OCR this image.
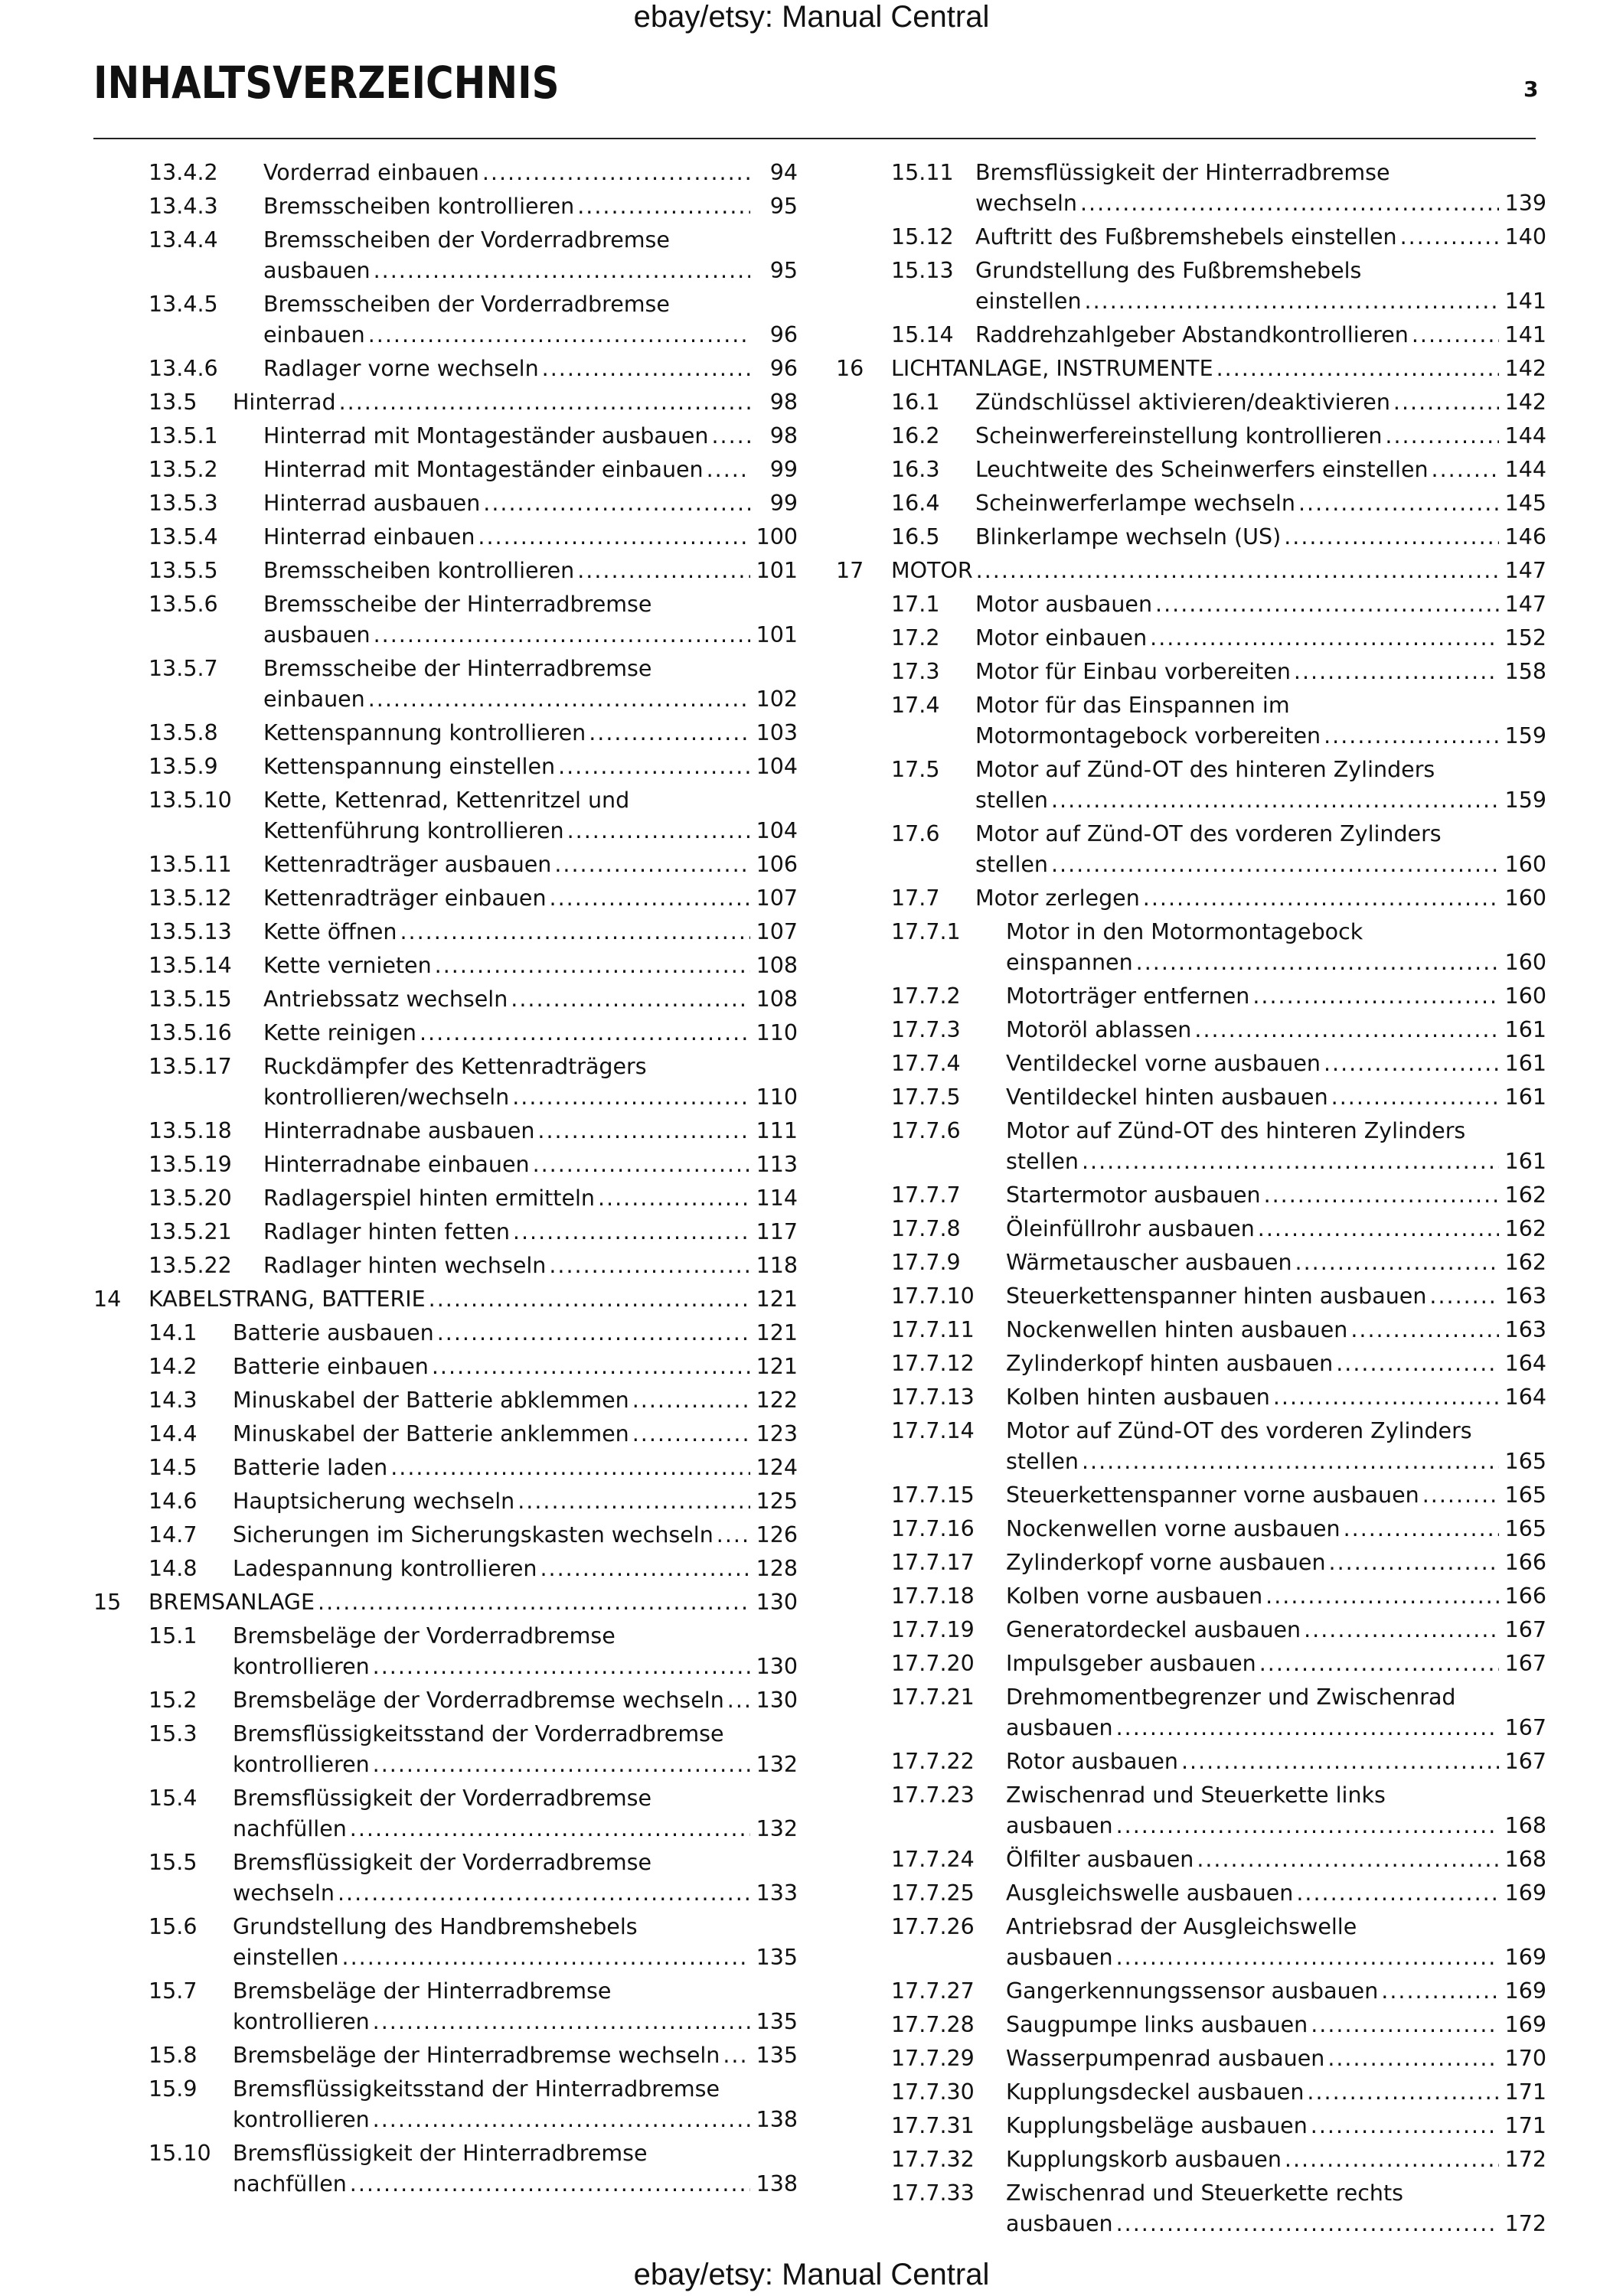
ebay/etsy: Manual Central
INHALTSVERZEICHNIS	3
13.4.2 Vorderrad einbauen .....	94
13.4.3 Bremsscheiben kontrollieren .....	95
13.4.4 Bremsscheiben der Vorderradbremse
ausbauen .....	95
13.4.5 Bremsscheiben der Vorderradbremse
einbauen .....	96
13.4.6 Radlager vorne wechseln .....	96
13.5 Hinterrad .....	98
13.5.1 Hinterrad mit Montageständer ausbauen .....	98
13.5.2 Hinterrad mit Montageständer einbauen .....	99
13.5.3 Hinterrad ausbauen .....	99
13.5.4 Hinterrad einbauen .....	100
13.5.5 Bremsscheiben kontrollieren .....	101
13.5.6 Bremsscheibe der Hinterradbremse
ausbauen .....	101
13.5.7 Bremsscheibe der Hinterradbremse
einbauen .....	102
13.5.8 Kettenspannung kontrollieren .....	103
13.5.9 Kettenspannung einstellen .....	104
13.5.10 Kette, Kettenrad, Kettenritzel und
Kettenführung kontrollieren .....	104
13.5.11 Kettenradträger ausbauen .....	106
13.5.12 Kettenradträger einbauen .....	107
13.5.13 Kette öffnen .....	107
13.5.14 Kette vernieten .....	108
13.5.15 Antriebssatz wechseln .....	108
13.5.16 Kette reinigen .....	110
13.5.17 Ruckdämpfer des Kettenradträgers
kontrollieren/wechseln .....	110
13.5.18 Hinterradnabe ausbauen .....	111
13.5.19 Hinterradnabe einbauen .....	113
13.5.20 Radlagerspiel hinten ermitteln .....	114
13.5.21 Radlager hinten fetten .....	117
13.5.22 Radlager hinten wechseln .....	118
14 KABELSTRANG, BATTERIE .....	121
14.1 Batterie ausbauen .....	121
14.2 Batterie einbauen .....	121
14.3 Minuskabel der Batterie abklemmen .....	122
14.4 Minuskabel der Batterie anklemmen .....	123
14.5 Batterie laden .....	124
14.6 Hauptsicherung wechseln .....	125
14.7 Sicherungen im Sicherungskasten wechseln ..... 126
14.8 Ladespannung kontrollieren .....	128
15 BREMSANLAGE .....	130
15.1 Bremsbeläge der Vorderradbremse
kontrollieren .....	130
15.2 Bremsbeläge der Vorderradbremse wechseln ..... 130
15.3 Bremsflüssigkeitsstand der Vorderradbremse
kontrollieren .....	132
15.4 Bremsflüssigkeit der Vorderradbremse
nachfüllen .....	132
15.5 Bremsflüssigkeit der Vorderradbremse
wechseln .....	133
15.6 Grundstellung des Handbremshebels
einstellen .....	135
15.7 Bremsbeläge der Hinterradbremse
kontrollieren .....	135
15.8 Bremsbeläge der Hinterradbremse wechseln ..... 135
15.9 Bremsflüssigkeitsstand der Hinterradbremse
kontrollieren .....	138
15.10 Bremsflüssigkeit der Hinterradbremse
nachfüllen .....	138
15.11 Bremsflüssigkeit der Hinterradbremse
wechseln .....	139
15.12 Auftritt des Fußbremshebels einstellen .....	140
15.13 Grundstellung des Fußbremshebels
einstellen .....	141
15.14 Raddrehzahlgeber Abstandkontrollieren .....	141
16 LICHTANLAGE, INSTRUMENTE .....	142
16.1 Zündschlüssel aktivieren/deaktivieren .....	142
16.2 Scheinwerfereinstellung kontrollieren .....	144
16.3 Leuchtweite des Scheinwerfers einstellen .....	144
16.4 Scheinwerferlampe wechseln .....	145
16.5 Blinkerlampe wechseln (US) .....	146
17 MOTOR .....	147
17.1 Motor ausbauen .....	147
17.2 Motor einbauen .....	152
17.3 Motor für Einbau vorbereiten .....	158
17.4 Motor für das Einspannen im
Motormontagebock vorbereiten .....	159
17.5 Motor auf Zünd-OT des hinteren Zylinders
stellen .....	159
17.6 Motor auf Zünd-OT des vorderen Zylinders
stellen .....	160
17.7 Motor zerlegen .....	160
17.7.1 Motor in den Motormontagebock
einspannen .....	160
17.7.2 Motorträger entfernen .....	160
17.7.3 Motoröl ablassen .....	161
17.7.4 Ventildeckel vorne ausbauen .....	161
17.7.5 Ventildeckel hinten ausbauen .....	161
17.7.6 Motor auf Zünd-OT des hinteren Zylinders
stellen .....	161
17.7.7 Startermotor ausbauen .....	162
17.7.8 Öleinfüllrohr ausbauen .....	162
17.7.9 Wärmetauscher ausbauen .....	162
17.7.10 Steuerkettenspanner hinten ausbauen .....	163
17.7.11 Nockenwellen hinten ausbauen .....	163
17.7.12 Zylinderkopf hinten ausbauen .....	164
17.7.13 Kolben hinten ausbauen .....	164
17.7.14 Motor auf Zünd-OT des vorderen Zylinders
stellen .....	165
17.7.15 Steuerkettenspanner vorne ausbauen .....	165
17.7.16 Nockenwellen vorne ausbauen .....	165
17.7.17 Zylinderkopf vorne ausbauen .....	166
17.7.18 Kolben vorne ausbauen .....	166
17.7.19 Generatordeckel ausbauen .....	167
17.7.20 Impulsgeber ausbauen .....	167
17.7.21 Drehmomentbegrenzer und Zwischenrad
ausbauen .....	167
17.7.22 Rotor ausbauen .....	167
17.7.23 Zwischenrad und Steuerkette links
ausbauen .....	168
17.7.24 Ölfilter ausbauen .....	168
17.7.25 Ausgleichswelle ausbauen .....	169
17.7.26 Antriebsrad der Ausgleichswelle
ausbauen .....	169
17.7.27 Gangerkennungssensor ausbauen .....	169
17.7.28 Saugpumpe links ausbauen .....	169
17.7.29 Wasserpumpenrad ausbauen .....	170
17.7.30 Kupplungsdeckel ausbauen .....	171
17.7.31 Kupplungsbeläge ausbauen .....	171
17.7.32 Kupplungskorb ausbauen .....	172
17.7.33 Zwischenrad und Steuerkette rechts
ausbauen .....	172
ebay/etsy: Manual Central
